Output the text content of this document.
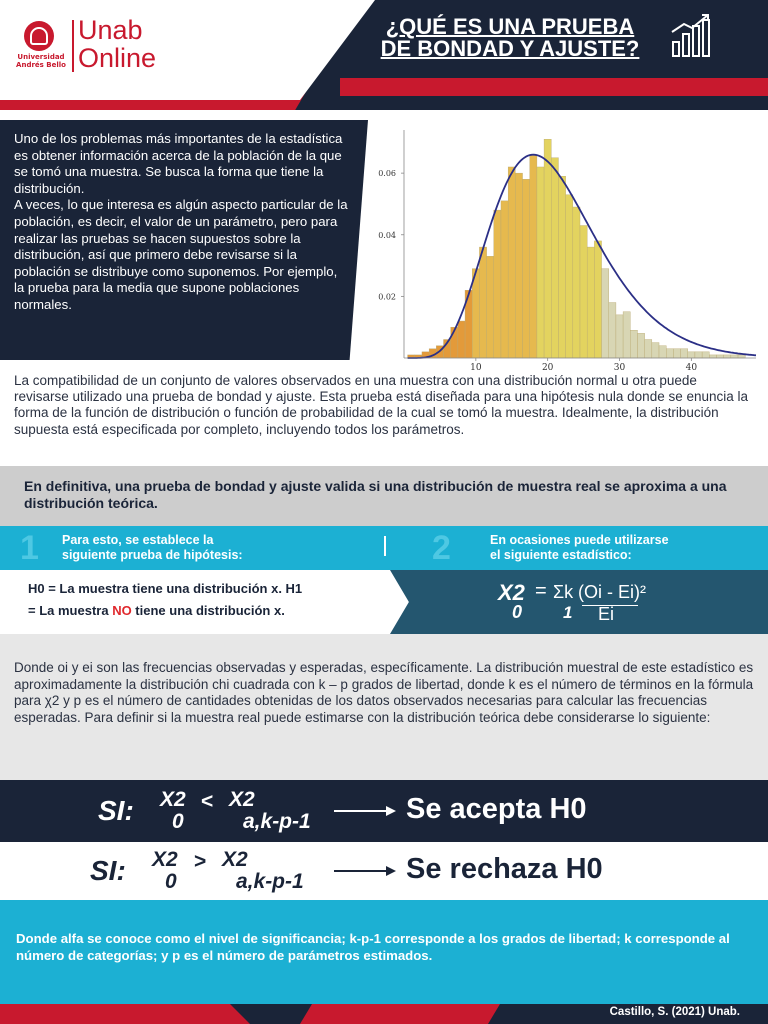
Universidad
Andrés Bello
Unab
Online
¿QUÉ ES UNA PRUEBA
DE BONDAD Y AJUSTE?
Uno de los problemas más importantes de la estadística es obtener información acerca de la población de la que se tomó una muestra. Se busca la forma que tiene la distribución.
A veces, lo que interesa es algún aspecto particular de la población, es decir, el valor de un parámetro, pero para realizar las pruebas se hacen supuestos sobre la distribución, así que primero debe revisarse si la población se distribuye como suponemos. Por ejemplo, la prueba para la media que supone poblaciones normales.
10	20	30	40
0.02
0.04
0.06
La compatibilidad de un conjunto de valores observados en una muestra con una distribución normal u otra puede revisarse utilizado una prueba de bondad y ajuste. Esta prueba está diseñada para una hipótesis nula donde se enuncia la forma de la función de distribución o función de probabilidad de la cual se tomó la muestra. Idealmente, la distribución supuesta está especificada por completo, incluyendo todos los parámetros.
En definitiva, una prueba de bondad y ajuste valida si una distribución de muestra real se aproxima a una distribución teórica.
1 Para esto, se establece la
siguiente prueba de hipótesis:	2	En ocasiones puede utilizarse
el siguiente estadístico:
H0 = La muestra tiene una distribución x. H1
= La muestra NO tiene una distribución x.
X2
0
= Σk
1
(Oi - Ei)²
Ei
Donde oi y ei son las frecuencias observadas y esperadas, específicamente. La distribución muestral de este estadístico es aproximadamente la distribución chi cuadrada con k – p grados de libertad, donde k es el número de términos en la fórmula para χ2 y p es el número de cantidades obtenidas de los datos observados necesarias para calcular las frecuencias esperadas. Para definir si la muestra real puede estimarse con la distribución teórica debe considerarse lo siguiente:
SI: X2
0
< X2
a,k-p-1	Se acepta H0
SI: X2
0
> X2
a,k-p-1	Se rechaza H0
Donde alfa se conoce como el nivel de significancia; k-p-1 corresponde a los grados de libertad; k corresponde al número de categorías; y p es el número de parámetros estimados.
Castillo, S. (2021) Unab.
